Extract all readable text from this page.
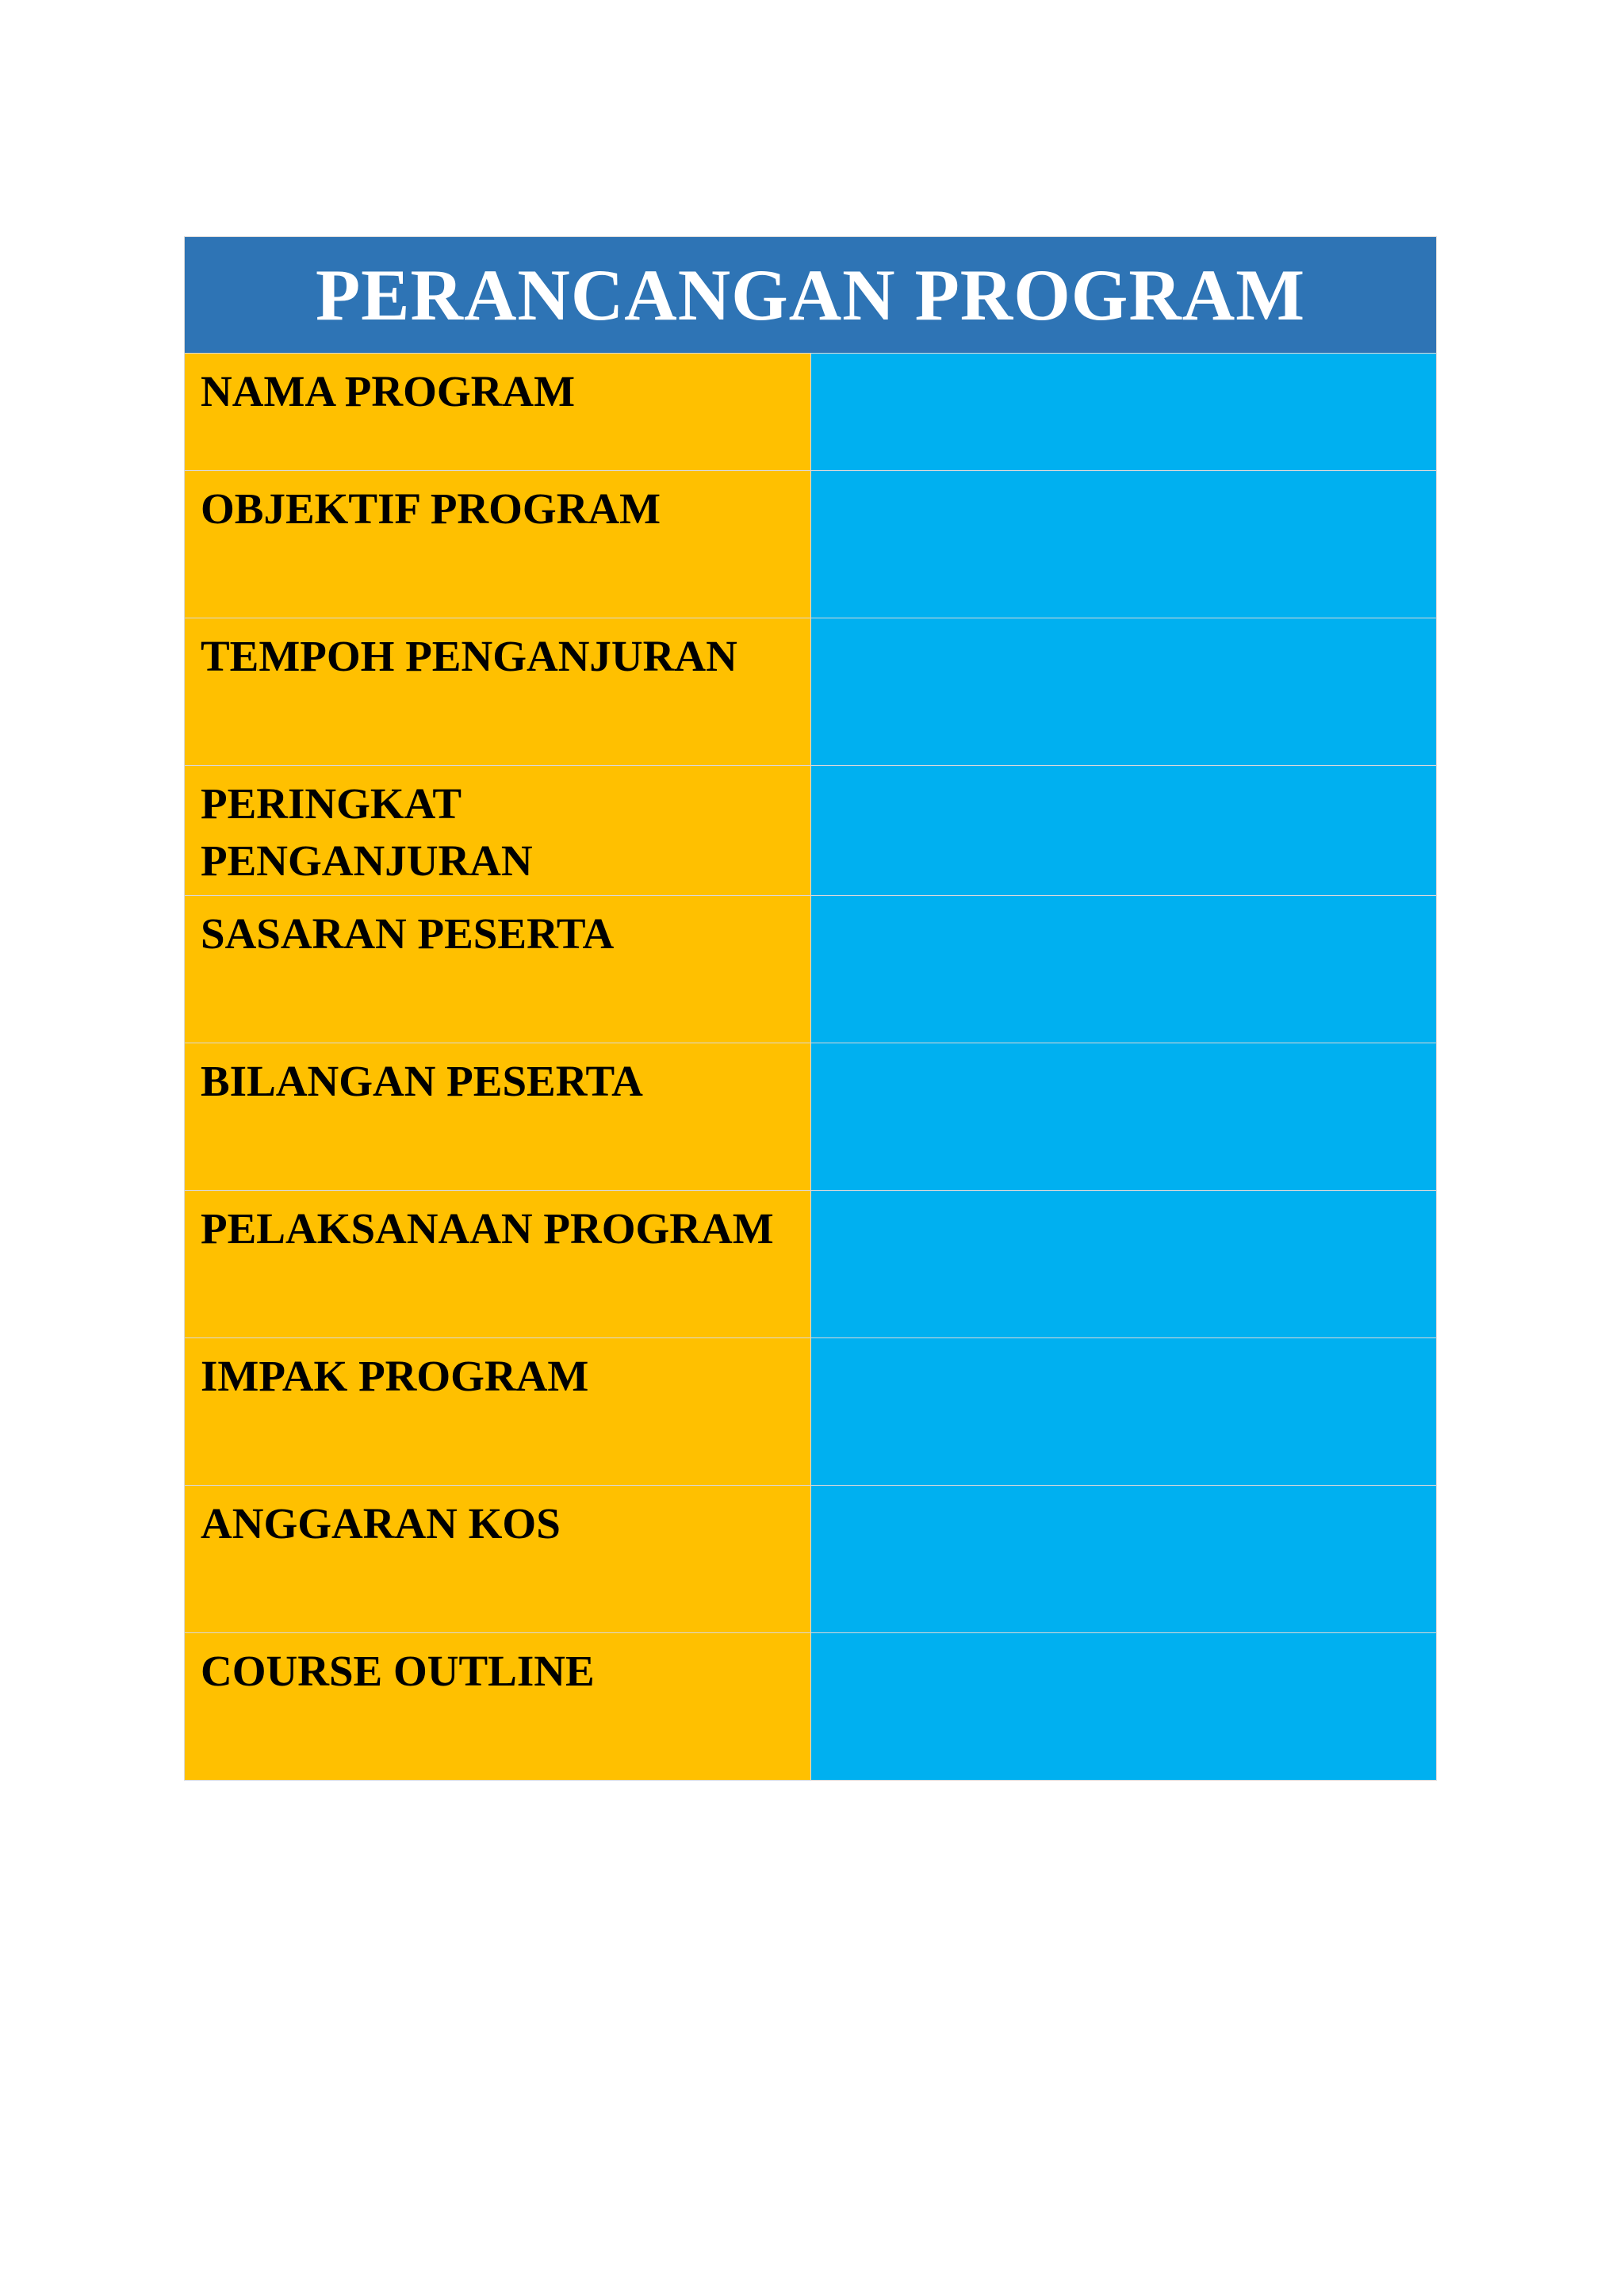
PERANCANGAN PROGRAM	
NAMA PROGRAM	
OBJEKTIF PROGRAM	
TEMPOH PENGANJURAN	
PERINGKAT PENGANJURAN	
SASARAN PESERTA	
BILANGAN PESERTA	
PELAKSANAAN PROGRAM	
IMPAK PROGRAM	
ANGGARAN KOS	
COURSE OUTLINE	
